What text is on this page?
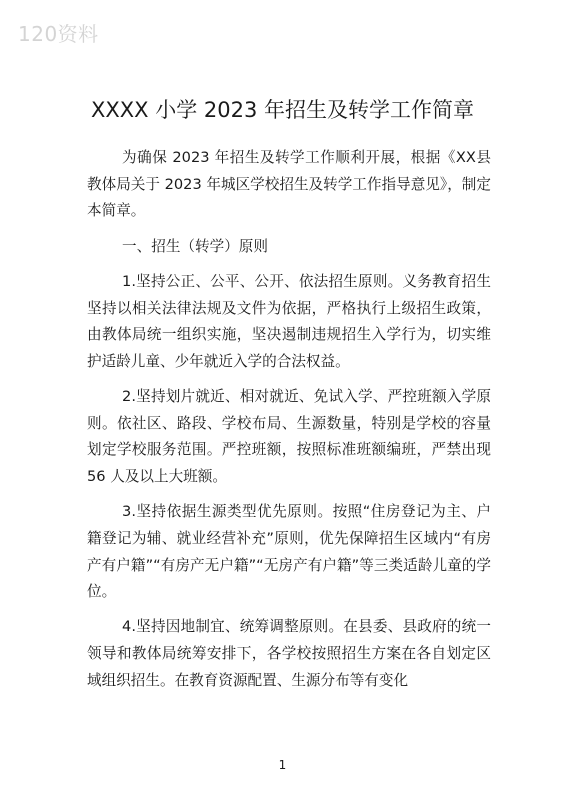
120资料
XXXX 小学 2023 年招生及转学工作简章

为确保 2023 年招生及转学工作顺利开展，根据《XX县教体局关于 2023 年城区学校招生及转学工作指导意见》，制定本简章。

一、招生（转学）原则

1.坚持公正、公平、公开、依法招生原则。义务教育招生坚持以相关法律法规及文件为依据，严格执行上级招生政策，由教体局统一组织实施，坚决遏制违规招生入学行为，切实维护适龄儿童、少年就近入学的合法权益。

2.坚持划片就近、相对就近、免试入学、严控班额入学原则。依社区、路段、学校布局、生源数量，特别是学校的容量划定学校服务范围。严控班额，按照标准班额编班，严禁出现 56 人及以上大班额。

3.坚持依据生源类型优先原则。按照“住房登记为主、户籍登记为辅、就业经营补充”原则，优先保障招生区域内“有房产有户籍”“有房产无户籍”“无房产有户籍”等三类适龄儿童的学位。

4.坚持因地制宜、统筹调整原则。在县委、县政府的统一领导和教体局统筹安排下，各学校按照招生方案在各自划定区域组织招生。在教育资源配置、生源分布等有变化

1
